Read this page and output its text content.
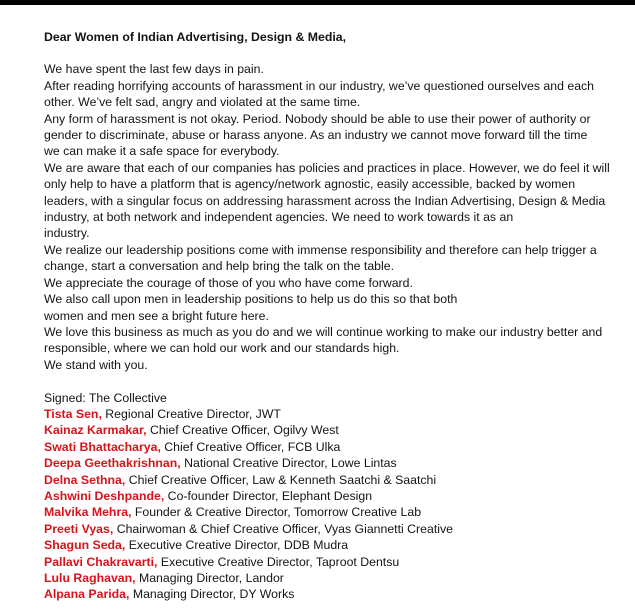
Dear Women of Indian Advertising, Design & Media,

We have spent the last few days in pain.

After reading horrifying accounts of harassment in our industry, we’ve questioned ourselves and each

other. We’ve felt sad, angry and violated at the same time.

Any form of harassment is not okay. Period. Nobody should be able to use their power of authority or

gender to discriminate, abuse or harass anyone. As an industry we cannot move forward till the time

we can make it a safe space for everybody.

We are aware that each of our companies has policies and practices in place. However, we do feel it will

only help to have a platform that is agency/network agnostic, easily accessible, backed by women

leaders, with a singular focus on addressing harassment across the Indian Advertising, Design & Media

industry, at both network and independent agencies. We need to work towards it as an

industry.

We realize our leadership positions come with immense responsibility and therefore can help trigger a

change, start a conversation and help bring the talk on the table.

We appreciate the courage of those of you who have come forward.

We also call upon men in leadership positions to help us do this so that both

women and men see a bright future here.

We love this business as much as you do and we will continue working to make our industry better and

responsible, where we can hold our work and our standards high.

We stand with you.

Signed: The Collective

Tista Sen, Regional Creative Director, JWT

Kainaz Karmakar, Chief Creative Officer, Ogilvy West

Swati Bhattacharya, Chief Creative Officer, FCB Ulka

Deepa Geethakrishnan, National Creative Director, Lowe Lintas

Delna Sethna, Chief Creative Officer, Law & Kenneth Saatchi & Saatchi

Ashwini Deshpande, Co-founder Director, Elephant Design

Malvika Mehra, Founder & Creative Director, Tomorrow Creative Lab

Preeti Vyas, Chairwoman & Chief Creative Officer, Vyas Giannetti Creative

Shagun Seda, Executive Creative Director, DDB Mudra

Pallavi Chakravarti, Executive Creative Director, Taproot Dentsu

Lulu Raghavan, Managing Director, Landor

Alpana Parida, Managing Director, DY Works
